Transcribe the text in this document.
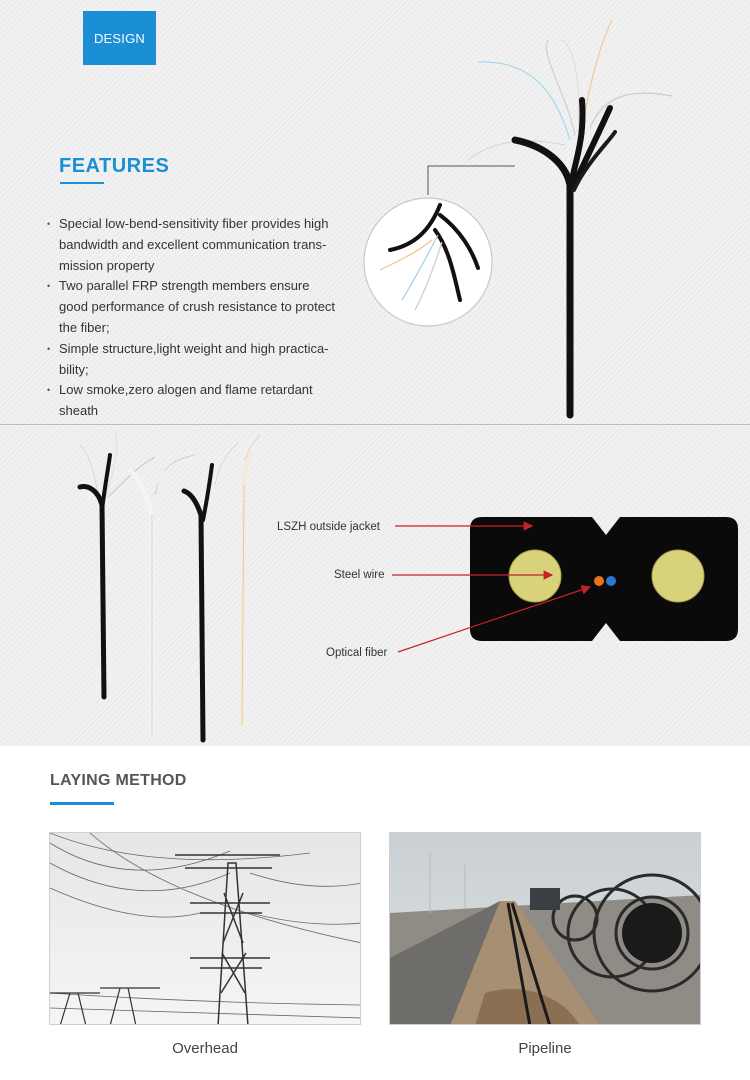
DESIGN
FEATURES
• Special low-bend-sensitivity fiber provides high
bandwidth and excellent communication trans-
mission property
• Two parallel FRP strength members ensure
good performance of crush resistance to protect
the fiber;
• Simple structure,light weight and high practica-
bility;
• Low smoke,zero alogen and flame retardant
sheath
LSZH outside jacket
Steel wire
Optical fiber
LAYING METHOD
Overhead	Pipeline
